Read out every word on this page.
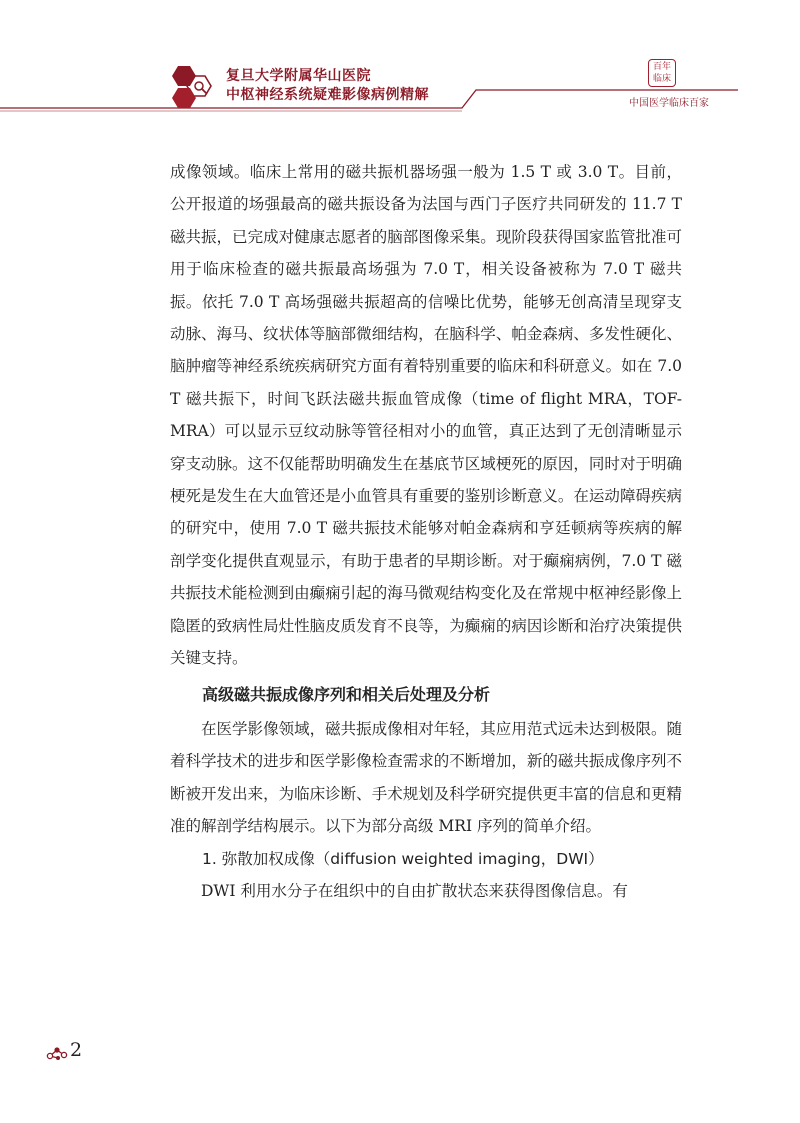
复旦大学附属华山医院
中枢神经系统疑难影像病例精解
百年
临床
中国医学临床百家

成像领域。临床上常用的磁共振机器场强一般为 1.5 T 或 3.0 T。目前，公开报道的场强最高的磁共振设备为法国与西门子医疗共同研发的 11.7 T 磁共振，已完成对健康志愿者的脑部图像采集。现阶段获得国家监管批准可用于临床检查的磁共振最高场强为 7.0 T，相关设备被称为 7.0 T 磁共振。依托 7.0 T 高场强磁共振超高的信噪比优势，能够无创高清呈现穿支动脉、海马、纹状体等脑部微细结构，在脑科学、帕金森病、多发性硬化、脑肿瘤等神经系统疾病研究方面有着特别重要的临床和科研意义。如在 7.0 T 磁共振下，时间飞跃法磁共振血管成像（time of flight MRA，TOF-MRA）可以显示豆纹动脉等管径相对小的血管，真正达到了无创清晰显示穿支动脉。这不仅能帮助明确发生在基底节区域梗死的原因，同时对于明确梗死是发生在大血管还是小血管具有重要的鉴别诊断意义。在运动障碍疾病的研究中，使用 7.0 T 磁共振技术能够对帕金森病和亨廷顿病等疾病的解剖学变化提供直观显示，有助于患者的早期诊断。对于癫痫病例，7.0 T 磁共振技术能检测到由癫痫引起的海马微观结构变化及在常规中枢神经影像上隐匿的致病性局灶性脑皮质发育不良等，为癫痫的病因诊断和治疗决策提供关键支持。

高级磁共振成像序列和相关后处理及分析

在医学影像领域，磁共振成像相对年轻，其应用范式远未达到极限。随着科学技术的进步和医学影像检查需求的不断增加，新的磁共振成像序列不断被开发出来，为临床诊断、手术规划及科学研究提供更丰富的信息和更精准的解剖学结构展示。以下为部分高级 MRI 序列的简单介绍。

1. 弥散加权成像（diffusion weighted imaging，DWI）

DWI 利用水分子在组织中的自由扩散状态来获得图像信息。有

2
